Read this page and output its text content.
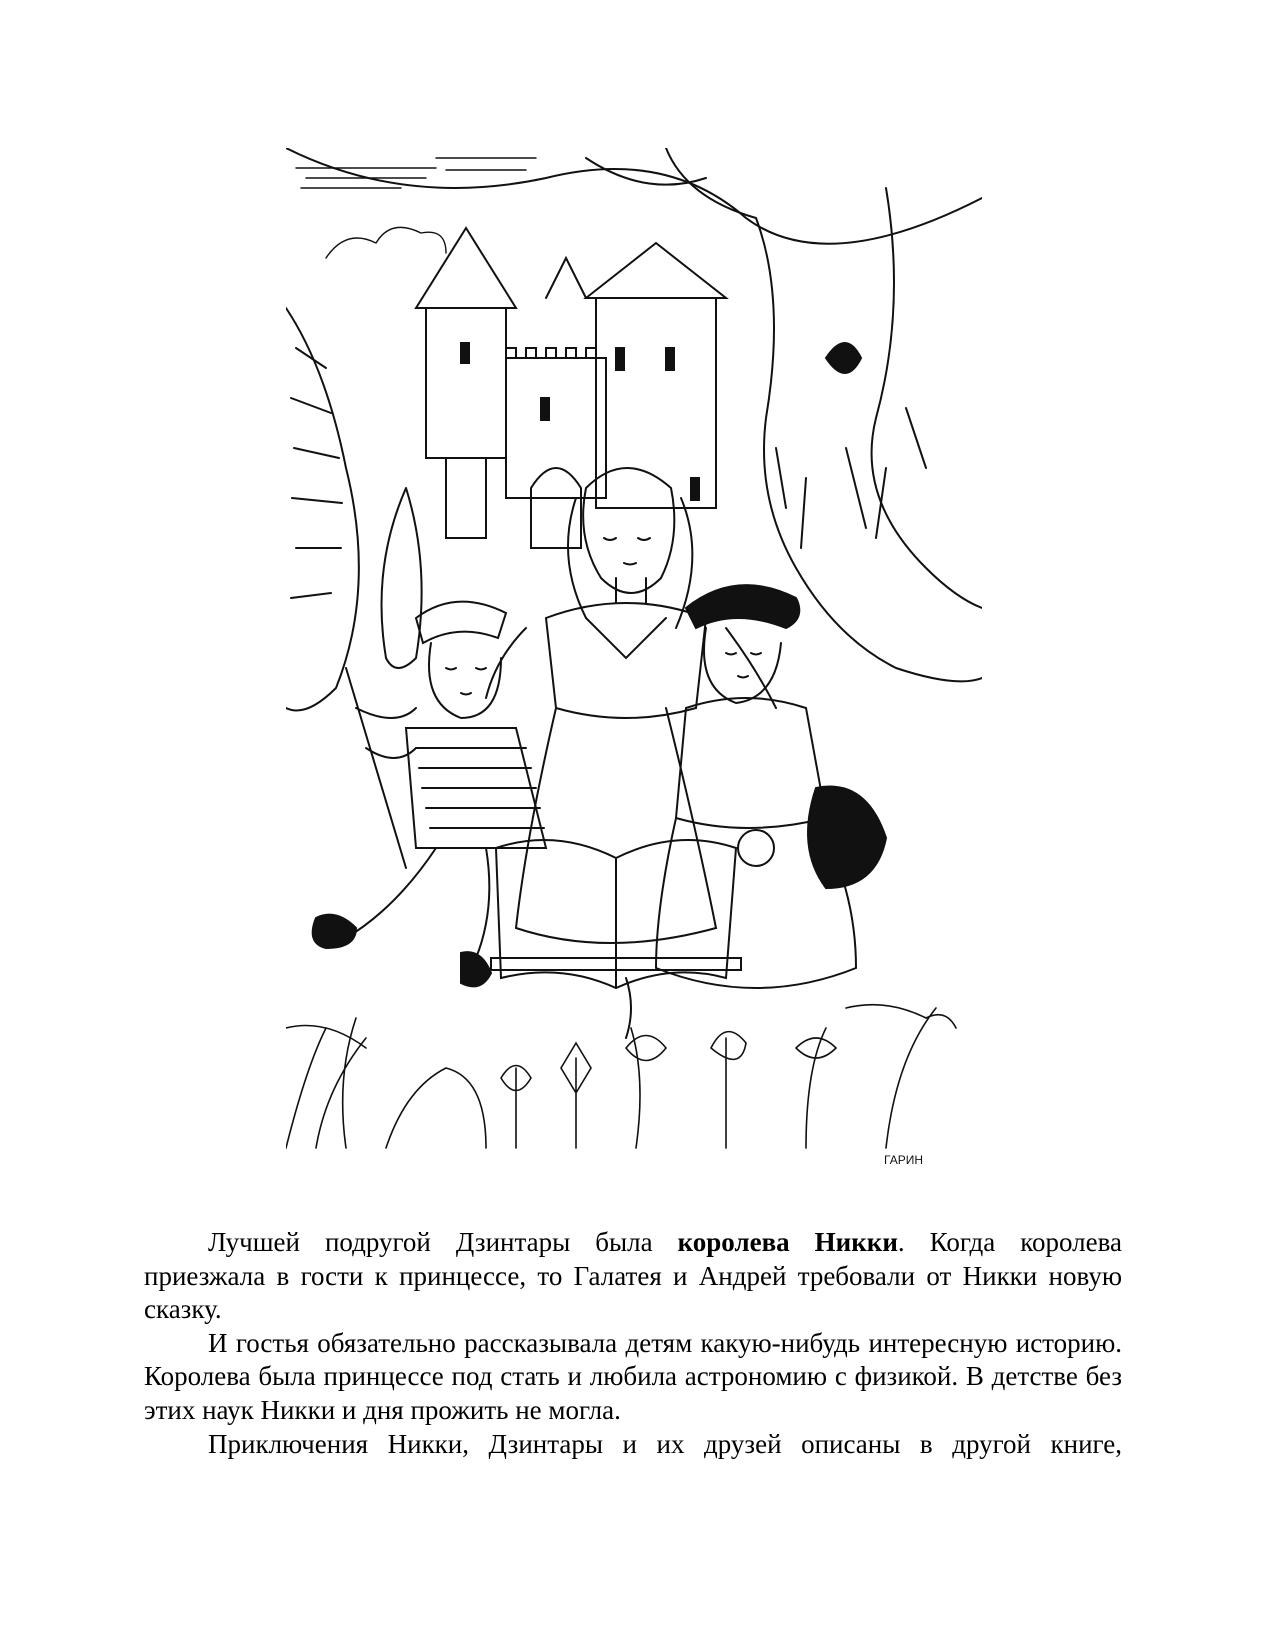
ГАРИН

Лучшей подругой Дзинтары была королева Никки. Когда королева приезжала в гости к принцессе, то Галатея и Андрей требовали от Никки новую сказку.

И гостья обязательно рассказывала детям какую-нибудь интересную историю. Королева была принцессе под стать и любила астрономию с физикой. В детстве без этих наук Никки и дня прожить не могла.

Приключения Никки, Дзинтары и их друзей описаны в другой книге,
